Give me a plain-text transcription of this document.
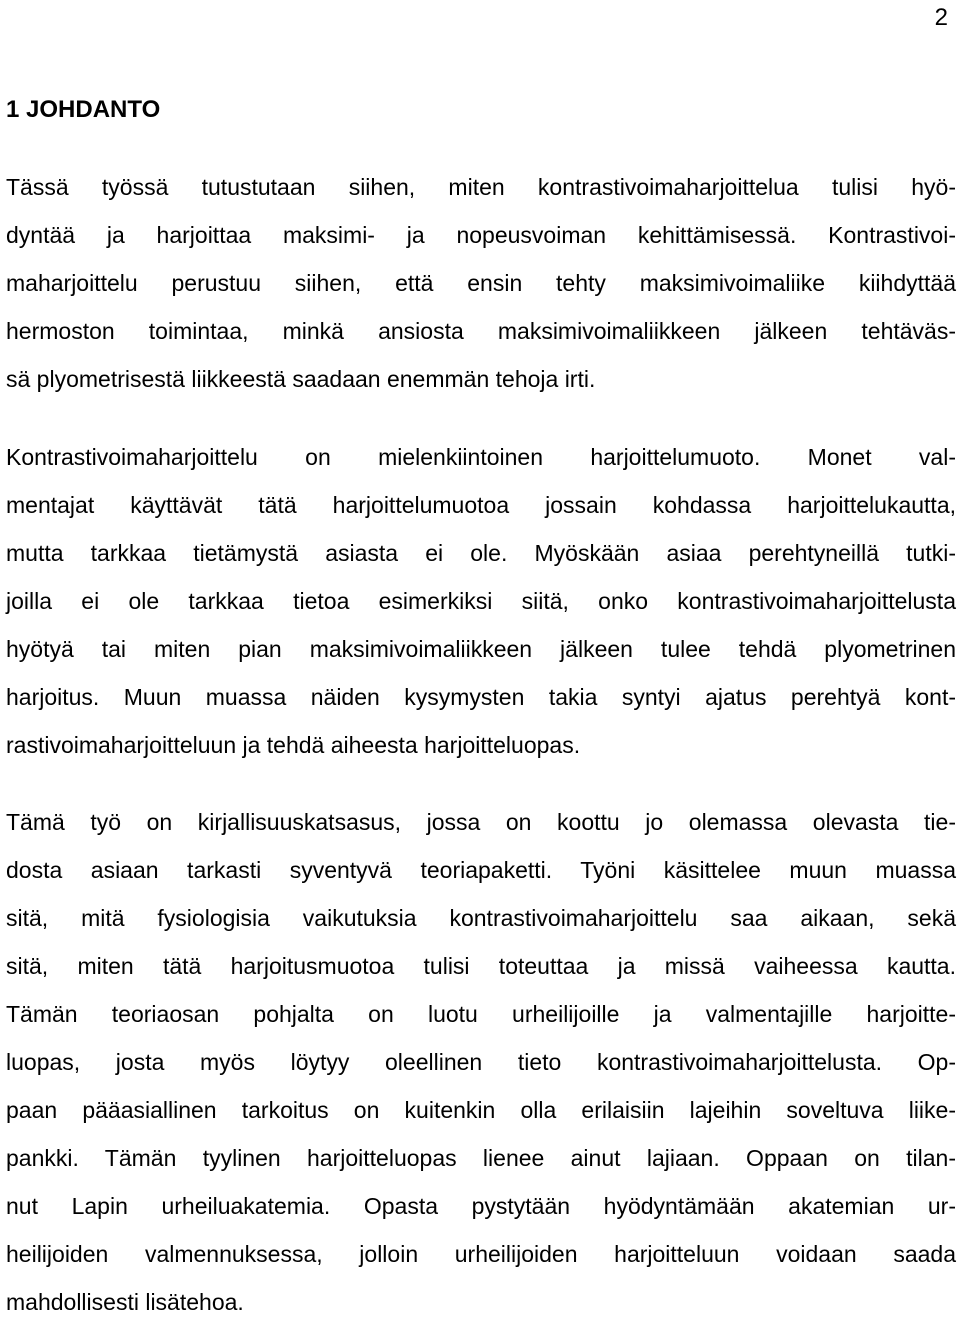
2
1 JOHDANTO

Tässä työssä tutustutaan siihen, miten kontrastivoimaharjoittelua tulisi hyö-
dyntää ja harjoittaa maksimi- ja nopeusvoiman kehittämisessä. Kontrastivoi-
maharjoittelu perustuu siihen, että ensin tehty maksimivoimaliike kiihdyttää
hermoston toimintaa, minkä ansiosta maksimivoimaliikkeen jälkeen tehtäväs-
sä plyometrisestä liikkeestä saadaan enemmän tehoja irti.

Kontrastivoimaharjoittelu on mielenkiintoinen harjoittelumuoto. Monet val-
mentajat käyttävät tätä harjoittelumuotoa jossain kohdassa harjoittelukautta,
mutta tarkkaa tietämystä asiasta ei ole. Myöskään asiaa perehtyneillä tutki-
joilla ei ole tarkkaa tietoa esimerkiksi siitä, onko kontrastivoimaharjoittelusta
hyötyä tai miten pian maksimivoimaliikkeen jälkeen tulee tehdä plyometrinen
harjoitus. Muun muassa näiden kysymysten takia syntyi ajatus perehtyä kont-
rastivoimaharjoitteluun ja tehdä aiheesta harjoitteluopas.

Tämä työ on kirjallisuuskatsasus, jossa on koottu jo olemassa olevasta tie-
dosta asiaan tarkasti syventyvä teoriapaketti. Työni käsittelee muun muassa
sitä, mitä fysiologisia vaikutuksia kontrastivoimaharjoittelu saa aikaan, sekä
sitä, miten tätä harjoitusmuotoa tulisi toteuttaa ja missä vaiheessa kautta.
Tämän teoriaosan pohjalta on luotu urheilijoille ja valmentajille harjoitte-
luopas, josta myös löytyy oleellinen tieto kontrastivoimaharjoittelusta. Op-
paan pääasiallinen tarkoitus on kuitenkin olla erilaisiin lajeihin soveltuva liike-
pankki. Tämän tyylinen harjoitteluopas lienee ainut lajiaan. Oppaan on tilan-
nut Lapin urheiluakatemia. Opasta pystytään hyödyntämään akatemian ur-
heilijoiden valmennuksessa, jolloin urheilijoiden harjoitteluun voidaan saada
mahdollisesti lisätehoa.
